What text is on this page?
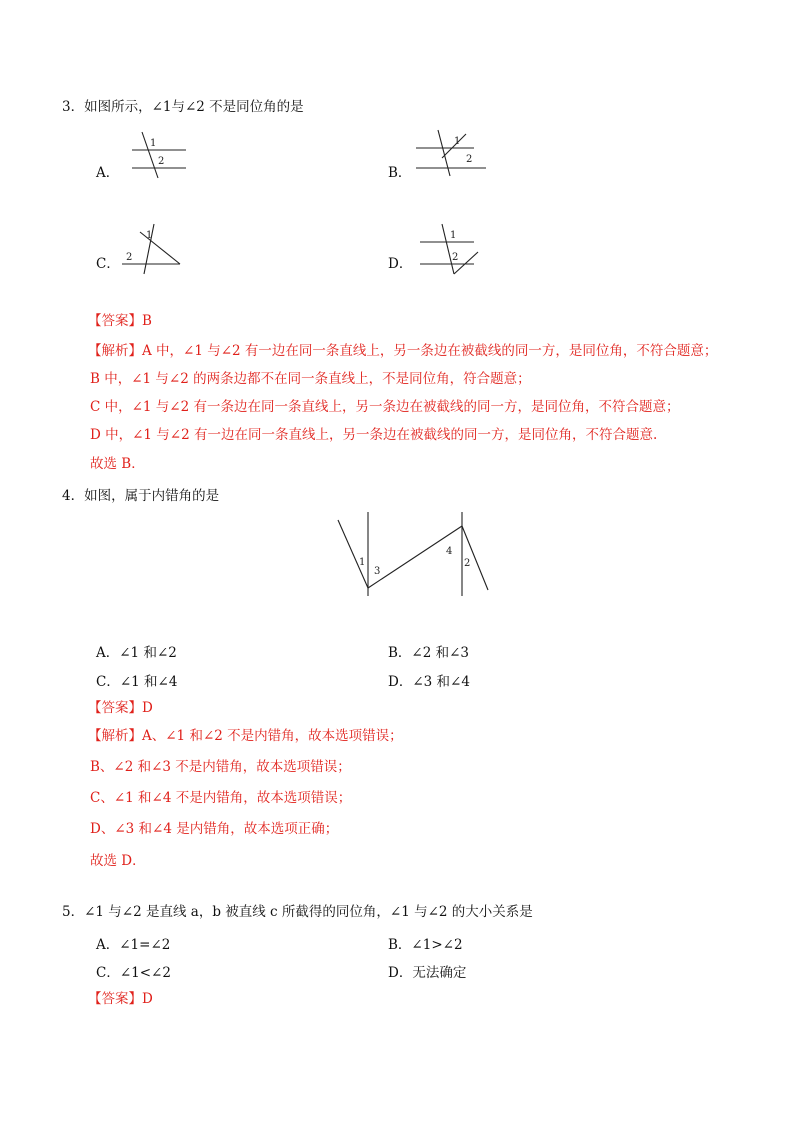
3．如图所示，∠1与∠2 不是同位角的是
A．
1
2
B．
1
2
C．
1
2	D．
1
2
【答案】B
【解析】A 中，∠1 与∠2 有一边在同一条直线上，另一条边在被截线的同一方，是同位角，不符合题意；
B 中，∠1 与∠2 的两条边都不在同一条直线上，不是同位角，符合题意；
C 中，∠1 与∠2 有一条边在同一条直线上，另一条边在被截线的同一方，是同位角，不符合题意；
D 中，∠1 与∠2 有一边在同一条直线上，另一条边在被截线的同一方，是同位角，不符合题意.
故选 B．
4．如图，属于内错角的是
1
3
4
2
A．∠1 和∠2	B．∠2 和∠3
C．∠1 和∠4	D．∠3 和∠4
【答案】D
【解析】A、∠1 和∠2 不是内错角，故本选项错误；
B、∠2 和∠3 不是内错角，故本选项错误；
C、∠1 和∠4 不是内错角，故本选项错误；
D、∠3 和∠4 是内错角，故本选项正确；
故选 D．
5．∠1 与∠2 是直线 a，b 被直线 c 所截得的同位角，∠1 与∠2 的大小关系是
A．∠1=∠2	B．∠1>∠2
C．∠1<∠2	D．无法确定
【答案】D
